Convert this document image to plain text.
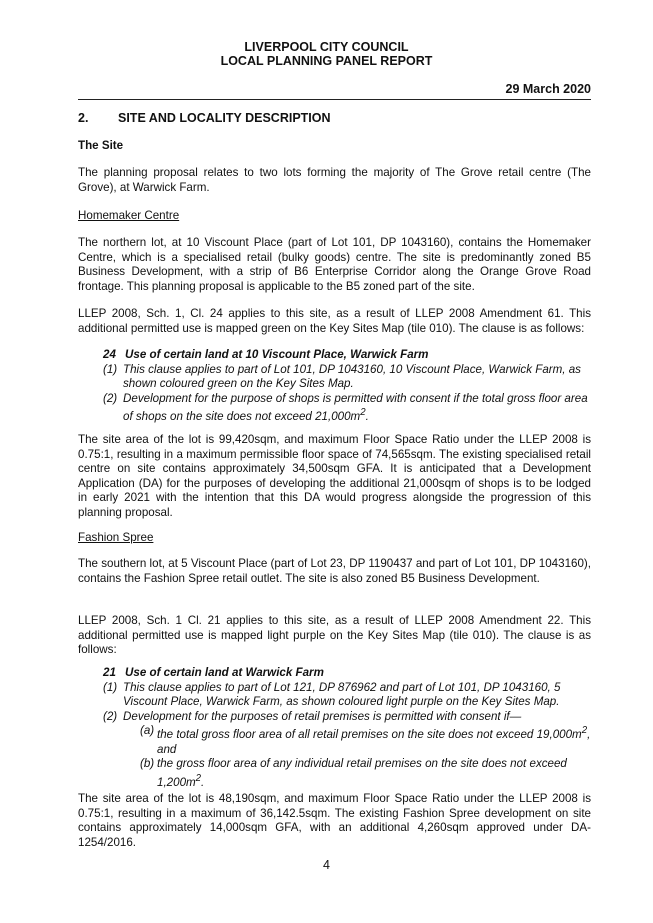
LIVERPOOL CITY COUNCIL
LOCAL PLANNING PANEL REPORT
29 March 2020
2. SITE AND LOCALITY DESCRIPTION

The Site

The planning proposal relates to two lots forming the majority of The Grove retail centre (The Grove), at Warwick Farm.

Homemaker Centre

The northern lot, at 10 Viscount Place (part of Lot 101, DP 1043160), contains the Homemaker Centre, which is a specialised retail (bulky goods) centre. The site is predominantly zoned B5 Business Development, with a strip of B6 Enterprise Corridor along the Orange Grove Road frontage. This planning proposal is applicable to the B5 zoned part of the site.

LLEP 2008, Sch. 1, Cl. 24 applies to this site, as a result of LLEP 2008 Amendment 61. This additional permitted use is mapped green on the Key Sites Map (tile 010). The clause is as follows:

24 Use of certain land at 10 Viscount Place, Warwick Farm
(1) This clause applies to part of Lot 101, DP 1043160, 10 Viscount Place, Warwick Farm, as shown coloured green on the Key Sites Map.
(2) Development for the purpose of shops is permitted with consent if the total gross floor area of shops on the site does not exceed $21,000m^2$.

The site area of the lot is 99,420sqm, and maximum Floor Space Ratio under the LLEP 2008 is 0.75:1, resulting in a maximum permissible floor space of 74,565sqm. The existing specialised retail centre on site contains approximately 34,500sqm GFA. It is anticipated that a Development Application (DA) for the purposes of developing the additional 21,000sqm of shops is to be lodged in early 2021 with the intention that this DA would progress alongside the progression of this planning proposal.

Fashion Spree

The southern lot, at 5 Viscount Place (part of Lot 23, DP 1190437 and part of Lot 101, DP 1043160), contains the Fashion Spree retail outlet. The site is also zoned B5 Business Development.

LLEP 2008, Sch. 1 Cl. 21 applies to this site, as a result of LLEP 2008 Amendment 22. This additional permitted use is mapped light purple on the Key Sites Map (tile 010). The clause is as follows:

21 Use of certain land at Warwick Farm
(1) This clause applies to part of Lot 121, DP 876962 and part of Lot 101, DP 1043160, 5 Viscount Place, Warwick Farm, as shown coloured light purple on the Key Sites Map.
(2) Development for the purposes of retail premises is permitted with consent if—
(a) the total gross floor area of all retail premises on the site does not exceed $19,000m^2$, and
(b) the gross floor area of any individual retail premises on the site does not exceed $1,200m^2$.

The site area of the lot is 48,190sqm, and maximum Floor Space Ratio under the LLEP 2008 is 0.75:1, resulting in a maximum of 36,142.5sqm. The existing Fashion Spree development on site contains approximately 14,000sqm GFA, with an additional 4,260sqm approved under DA-1254/2016.

4
